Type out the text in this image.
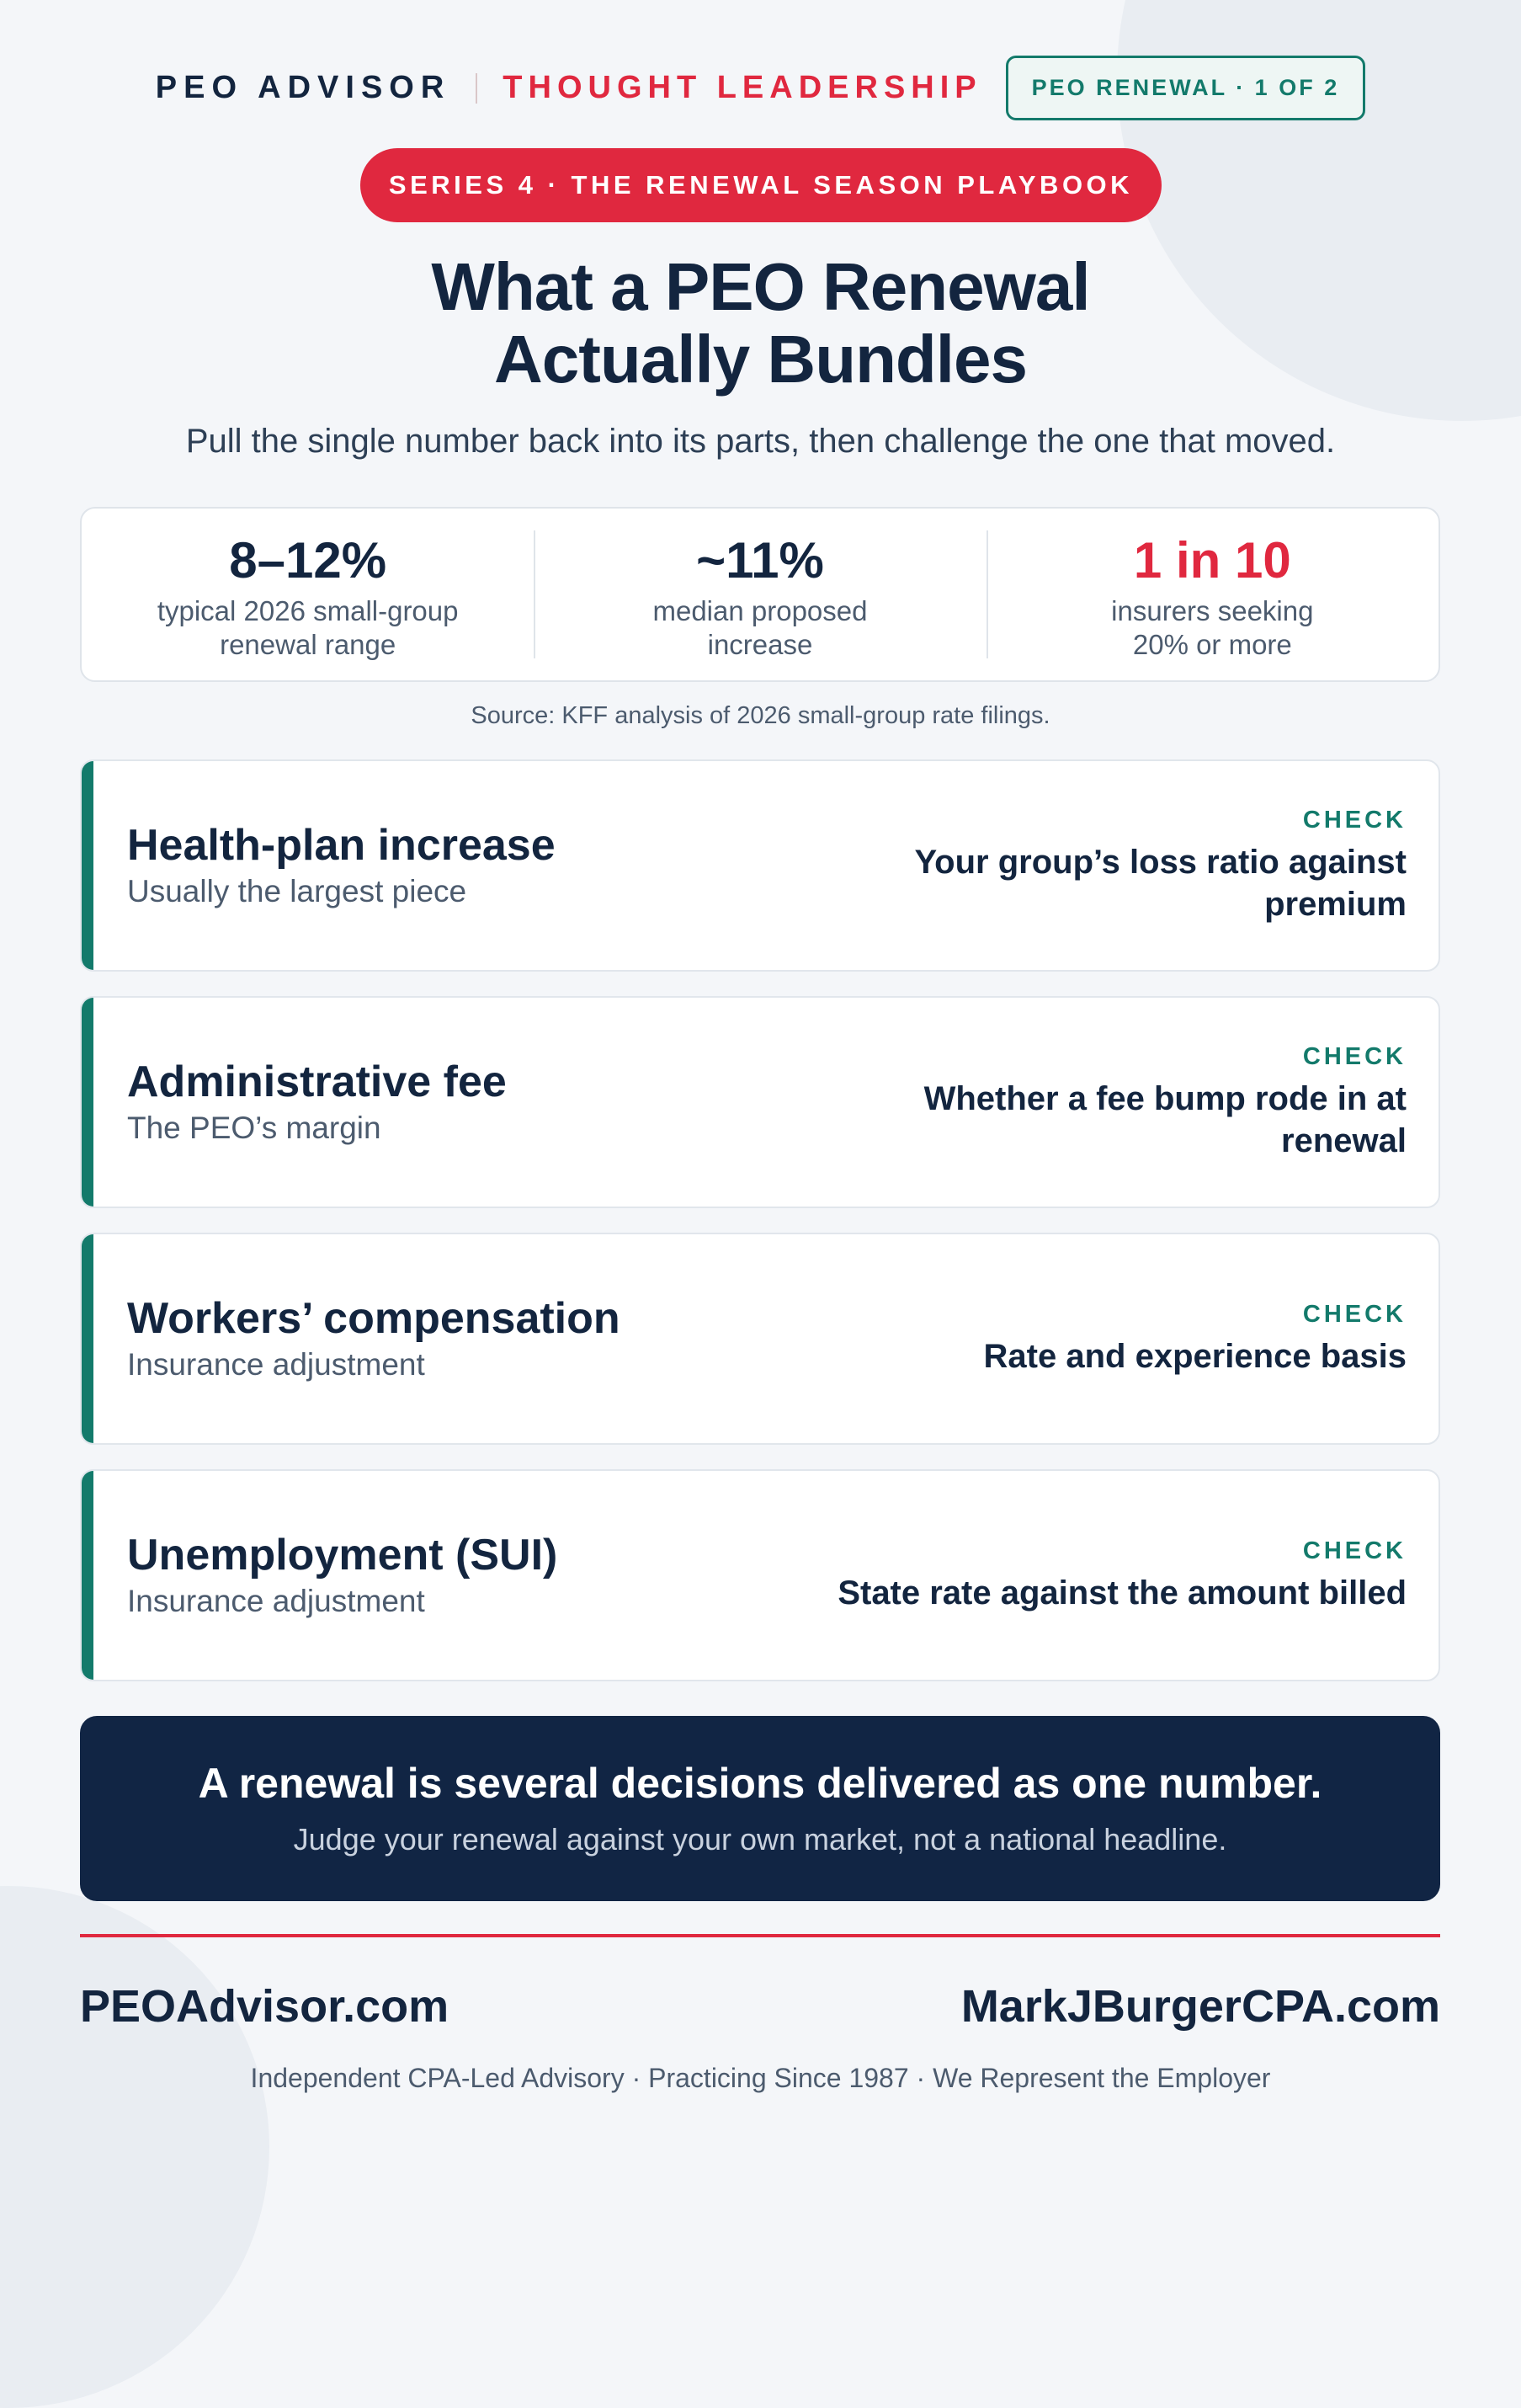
PEO ADVISOR THOUGHT LEADERSHIP	PEO RENEWAL · 1 OF 2
SERIES 4 · THE RENEWAL SEASON PLAYBOOK
What a PEO Renewal
Actually Bundles
Pull the single number back into its parts, then challenge the one that moved.
8–12%
typical 2026 small-group
renewal range
~11%
median proposed
increase
1 in 10
insurers seeking
20% or more
Source: KFF analysis of 2026 small-group rate filings.
Health-plan increase
Usually the largest piece
CHECK
Your group’s loss ratio against premium
Administrative fee
The PEO’s margin
CHECK
Whether a fee bump rode in at renewal
Workers’ compensation
Insurance adjustment
CHECK
Rate and experience basis
Unemployment (SUI)
Insurance adjustment
CHECK
State rate against the amount billed
A renewal is several decisions delivered as one number.
Judge your renewal against your own market, not a national headline.
PEOAdvisor.com	MarkJBurgerCPA.com
Independent CPA-Led Advisory · Practicing Since 1987 · We Represent the Employer
